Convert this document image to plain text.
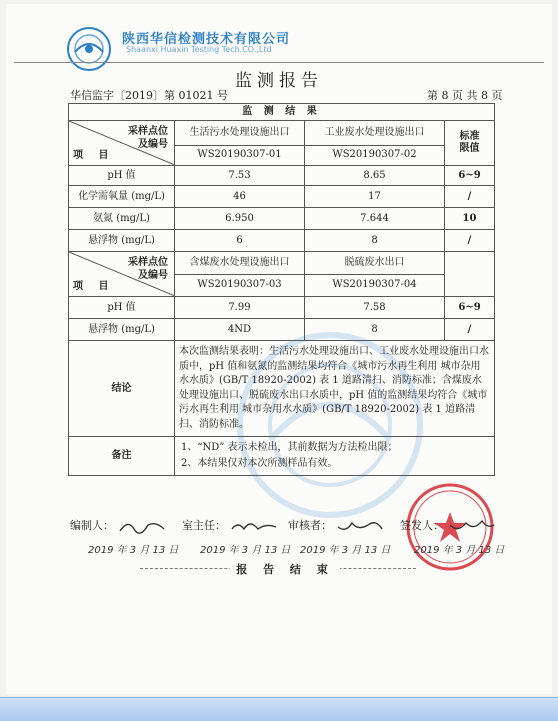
陕西华信检测技术有限公司
Shaanxi Huaxin Testing Tech.CO.,Ltd
监测报告
华信监字〔2019〕第 01021 号	第 8 页 共 8 页
监 测 结 果			

采样点位
及编号
项 目	生活污水处理设施出口	工业废水处理设施出口	标准
限值
	WS20190307-01	WS20190307-02	
pH 值	7.53	8.65	6~9
化学需氧量 (mg/L)	46	17	/
氨氮 (mg/L)	6.950	7.644	10
悬浮物 (mg/L)	6	8	/

采样点位
及编号
项 目	含煤废水处理设施出口	脱硫废水出口	
	WS20190307-03	WS20190307-04	
pH 值	7.99	7.58	6~9
悬浮物 (mg/L)	4ND	8	/
结论	本次监测结果表明：生活污水处理设施出口、工业废水处理设施出口水质中，pH 值和氨氮的监测结果均符合《城市污水再生利用 城市杂用水水质》(GB/T 18920-2002) 表 1 道路清扫、消防标准；含煤废水处理设施出口、脱硫废水出口水质中，pH 值的监测结果均符合《城市污水再生利用 城市杂用水水质》(GB/T 18920-2002) 表 1 道路清扫、消防标准。		
备注	1、“ND” 表示未检出，其前数据为方法检出限；
2、本结果仅对本次所测样品有效。		
编制人：	室主任：	审核者：	签发人：
2019 年 3 月 13 日 2019 年 3 月 13 日 2019 年 3 月 13 日 2019 年 3 月 13 日
报 告 结 束
